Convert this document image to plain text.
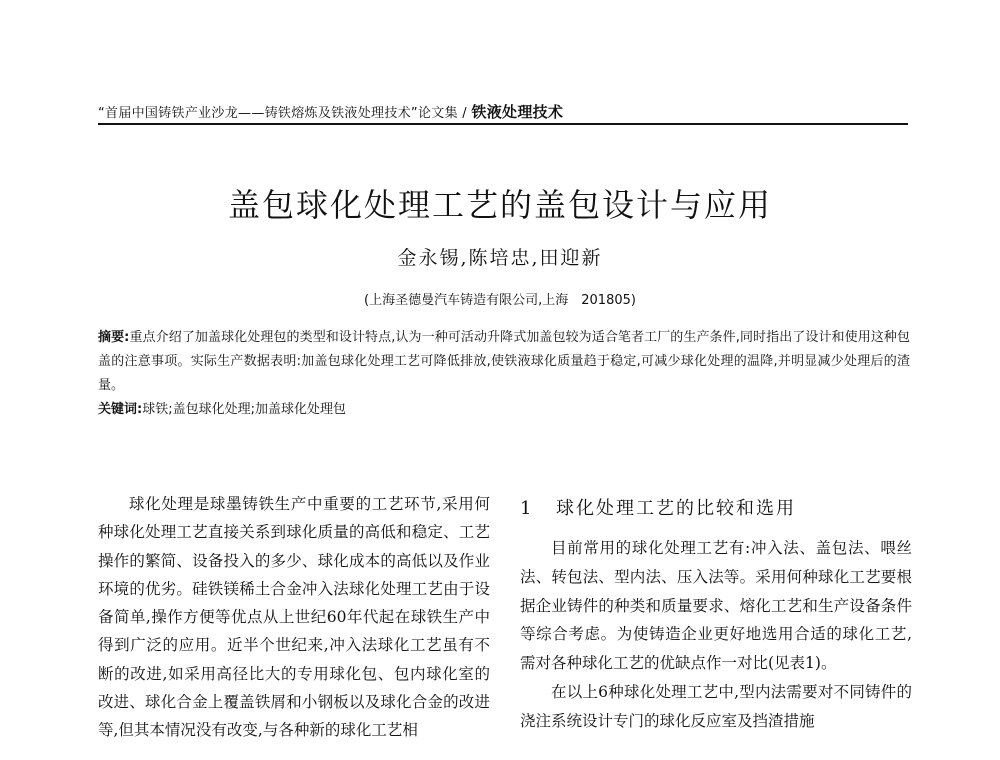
“首届中国铸铁产业沙龙——铸铁熔炼及铁液处理技术”论文集 / 铁液处理技术
盖包球化处理工艺的盖包设计与应用
金永锡,陈培忠,田迎新
(上海圣德曼汽车铸造有限公司,上海　201805)

摘要:重点介绍了加盖球化处理包的类型和设计特点,认为一种可活动升降式加盖包较为适合笔者工厂的生产条件,同时指出了设计和使用这种包盖的注意事项。实际生产数据表明:加盖包球化处理工艺可降低排放,使铁液球化质量趋于稳定,可减少球化处理的温降,并明显减少处理后的渣量。

关键词:球铁;盖包球化处理;加盖球化处理包

球化处理是球墨铸铁生产中重要的工艺环节,采用何种球化处理工艺直接关系到球化质量的高低和稳定、工艺操作的繁简、设备投入的多少、球化成本的高低以及作业环境的优劣。硅铁镁稀土合金冲入法球化处理工艺由于设备简单,操作方便等优点从上世纪60年代起在球铁生产中得到广泛的应用。近半个世纪来,冲入法球化工艺虽有不断的改进,如采用高径比大的专用球化包、包内球化室的改进、球化合金上覆盖铁屑和小钢板以及球化合金的改进等,但其本情况没有改变,与各种新的球化工艺相

1 球化处理工艺的比较和选用

目前常用的球化处理工艺有:冲入法、盖包法、喂丝法、转包法、型内法、压入法等。采用何种球化工艺要根据企业铸件的种类和质量要求、熔化工艺和生产设备条件等综合考虑。为使铸造企业更好地选用合适的球化工艺,需对各种球化工艺的优缺点作一对比(见表1)。

在以上6种球化处理工艺中,型内法需要对不同铸件的浇注系统设计专门的球化反应室及挡渣措施
